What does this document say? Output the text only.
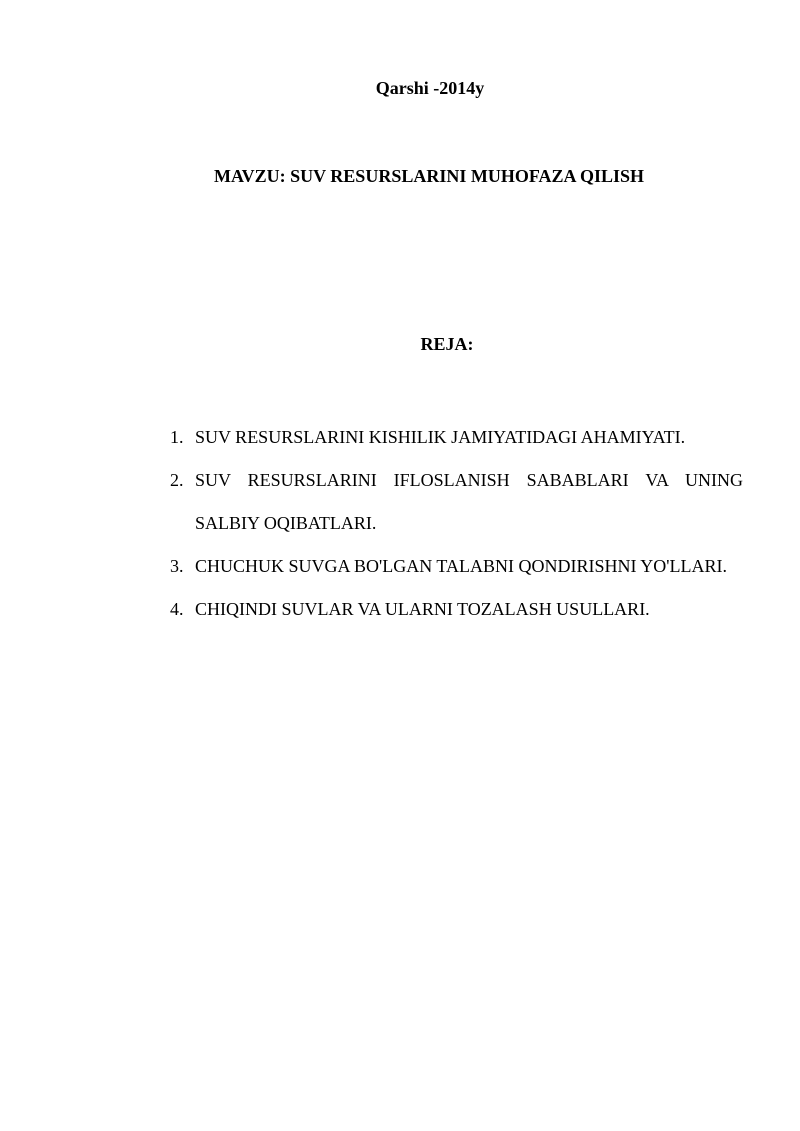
Qarshi -2014y
MAVZU: SUV RESURSLARINI MUHOFAZA QILISH
REJA:
1. SUV RESURSLARINI KISHILIK JAMIYATIDAGI AHAMIYATI.
2. SUV RESURSLARINI IFLOSLANISH SABABLARI VA UNING SALBIY OQIBATLARI.
3. CHUCHUK SUVGA BO'LGAN TALABNI QONDIRISHNI YO'LLARI.
4. CHIQINDI SUVLAR VA ULARNI TOZALASH USULLARI.
